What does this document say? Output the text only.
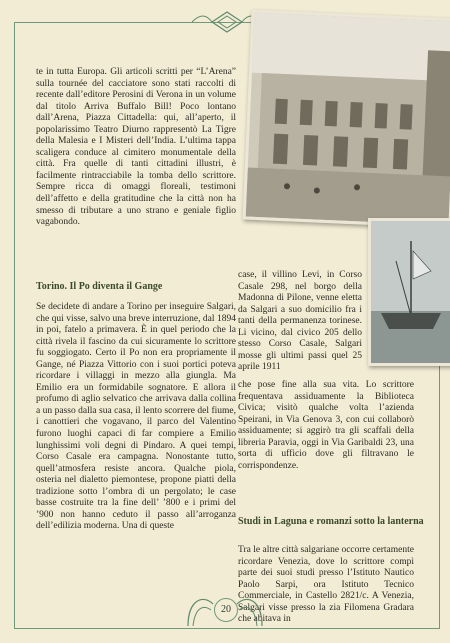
te in tutta Europa. Gli articoli scritti per “L’Arena” sulla tournée del cacciatore sono stati raccolti di recente dall’editore Perosini di Verona in un volume dal titolo Arriva Buffalo Bill! Poco lontano dall’Arena, Piazza Cittadella: qui, all’aperto, il popolarissimo Teatro Diurno rappresentò La Tigre della Malesia e I Misteri dell’India. L’ultima tappa scaligera conduce al cimitero monumentale della città. Fra quelle di tanti cittadini illustri, è facilmente rintracciabile la tomba dello scrittore. Sempre ricca di omaggi floreali, testimoni dell’affetto e della gratitudine che la città non ha smesso di tributare a uno strano e geniale figlio vagabondo.

Torino. Il Po diventa il Gange

Se decidete di andare a Torino per inseguire Salgari, che qui visse, salvo una breve interruzione, dal 1894 in poi, fatelo a primavera. È in quel periodo che la città rivela il fascino da cui sicuramente lo scrittore fu soggiogato. Certo il Po non era propriamente il Gange, né Piazza Vittorio con i suoi portici poteva ricordare i villaggi in mezzo alla giungla. Ma Emilio era un formidabile sognatore. E allora il profumo di aglio selvatico che arrivava dalla collina a un passo dalla sua casa, il lento scorrere del fiume, i canottieri che vogavano, il parco del Valentino furono luoghi capaci di far compiere a Emilio lunghissimi voli degni di Pindaro. A quei tempi, Corso Casale era campagna. Nonostante tutto, quell’atmosfera resiste ancora. Qualche piola, osteria nel dialetto piemontese, propone piatti della tradizione sotto l’ombra di un pergolato; le case basse costruite tra la fine dell’ ’800 e i primi del ’900 non hanno ceduto il passo all’arroganza dell’edilizia moderna. Una di queste

case, il villino Levi, in Corso Casale 298, nel borgo della Madonna di Pilone, venne eletta da Salgari a suo domicilio fra i tanti della permanenza torinese. Li vicino, dal civico 205 dello stesso Corso Casale, Salgari mosse gli ultimi passi quel 25 aprile 1911

che pose fine alla sua vita. Lo scrittore frequentava assiduamente la Biblioteca Civica; visitò qualche volta l’azienda Speirani, in Via Genova 3, con cui collaborò assiduamente; si aggirò tra gli scaffali della libreria Paravia, oggi in Via Garibaldi 23, una sorta di ufficio dove gli filtravano le corrispondenze.

Studi in Laguna e romanzi sotto la lanterna

Tra le altre città salgariane occorre certamente ricordare Venezia, dove lo scrittore compì parte dei suoi studi presso l’Istituto Nautico Paolo Sarpi, ora Istituto Tecnico Commerciale, in Castello 2821/c. A Venezia, Salgari visse presso la zia Filomena Gradara che abitava in

20
